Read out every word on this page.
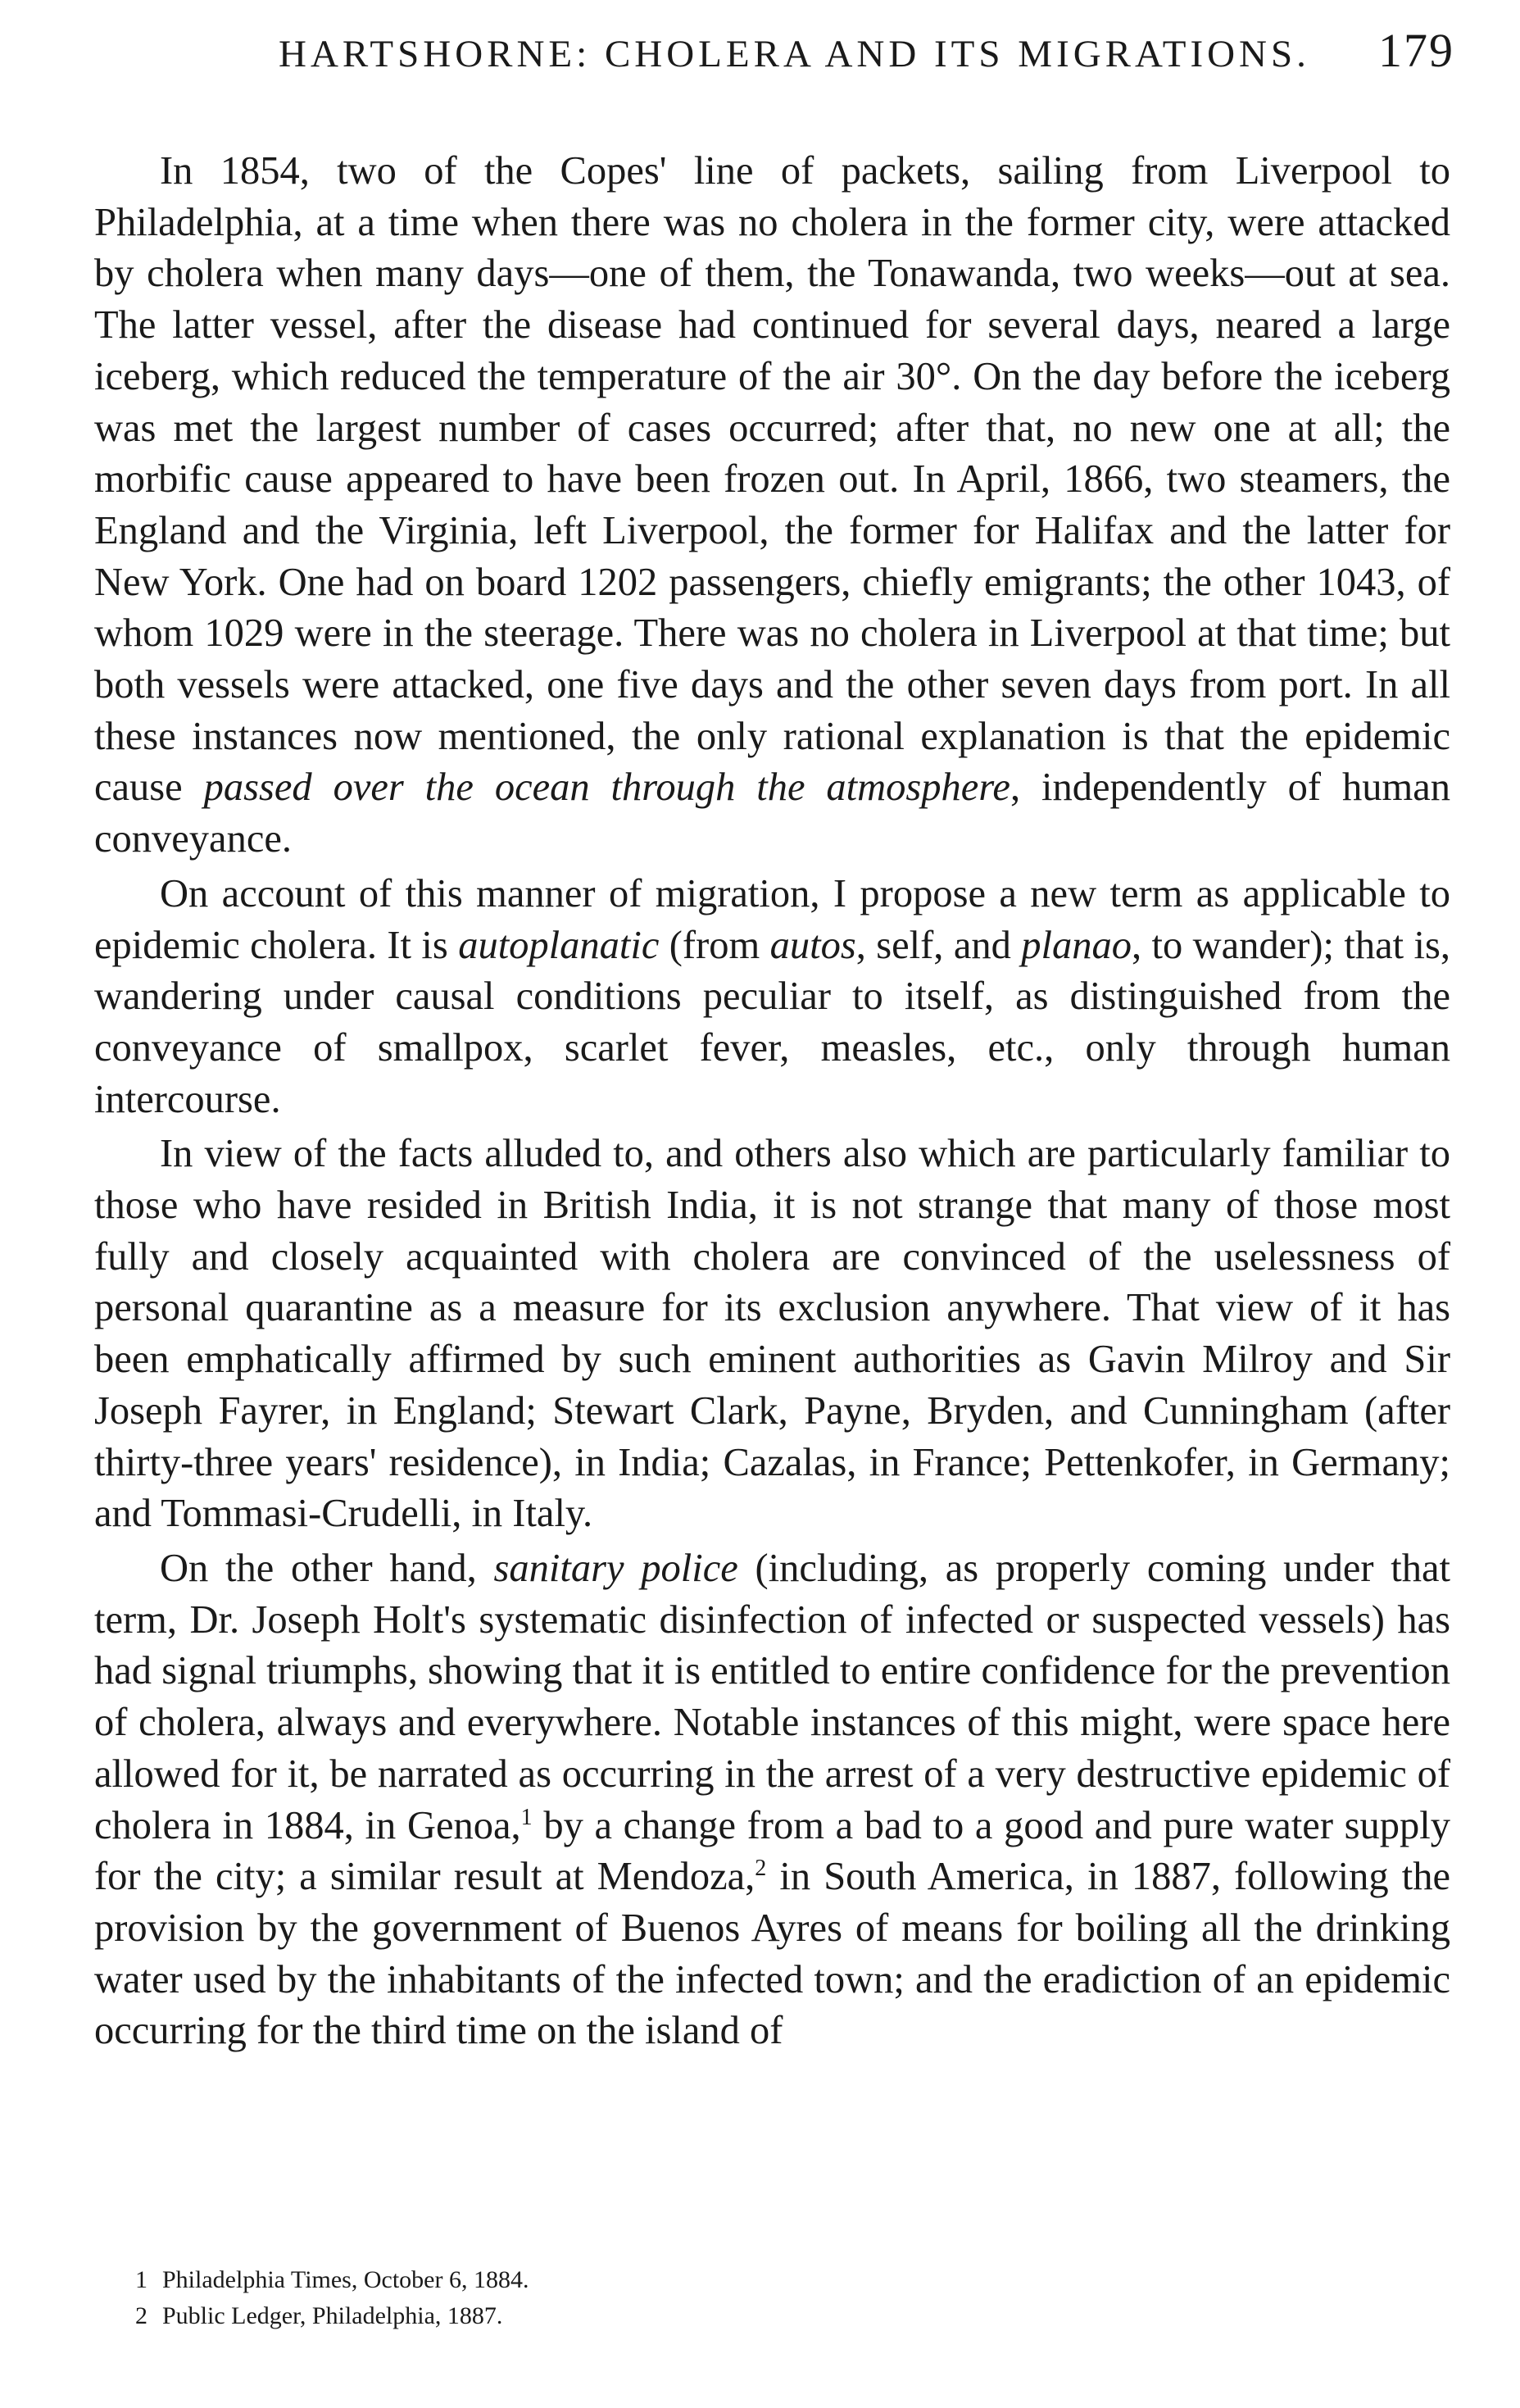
HARTSHORNE: CHOLERA AND ITS MIGRATIONS. 179

In 1854, two of the Copes' line of packets, sailing from Liverpool to Philadelphia, at a time when there was no cholera in the former city, were attacked by cholera when many days—one of them, the Tonawanda, two weeks—out at sea. The latter vessel, after the disease had continued for several days, neared a large iceberg, which reduced the temperature of the air 30°. On the day before the iceberg was met the largest number of cases occurred; after that, no new one at all; the morbific cause appeared to have been frozen out. In April, 1866, two steamers, the England and the Virginia, left Liverpool, the former for Halifax and the latter for New York. One had on board 1202 passengers, chiefly emigrants; the other 1043, of whom 1029 were in the steerage. There was no cholera in Liverpool at that time; but both vessels were attacked, one five days and the other seven days from port. In all these instances now mentioned, the only rational explanation is that the epidemic cause passed over the ocean through the atmosphere, independently of human conveyance.

On account of this manner of migration, I propose a new term as applicable to epidemic cholera. It is autoplanatic (from autos, self, and planao, to wander); that is, wandering under causal conditions peculiar to itself, as distinguished from the conveyance of smallpox, scarlet fever, measles, etc., only through human intercourse.

In view of the facts alluded to, and others also which are particularly familiar to those who have resided in British India, it is not strange that many of those most fully and closely acquainted with cholera are convinced of the uselessness of personal quarantine as a measure for its exclusion anywhere. That view of it has been emphatically affirmed by such eminent authorities as Gavin Milroy and Sir Joseph Fayrer, in England; Stewart Clark, Payne, Bryden, and Cunningham (after thirty-three years' residence), in India; Cazalas, in France; Pettenkofer, in Germany; and Tommasi-Crudelli, in Italy.

On the other hand, sanitary police (including, as properly coming under that term, Dr. Joseph Holt's systematic disinfection of infected or suspected vessels) has had signal triumphs, showing that it is entitled to entire confidence for the prevention of cholera, always and everywhere. Notable instances of this might, were space here allowed for it, be narrated as occurring in the arrest of a very destructive epidemic of cholera in 1884, in Genoa,$^1$ by a change from a bad to a good and pure water supply for the city; a similar result at Mendoza,$^2$ in South America, in 1887, following the provision by the government of Buenos Ayres of means for boiling all the drinking water used by the inhabitants of the infected town; and the eradiction of an epidemic occurring for the third time on the island of

1 Philadelphia Times, October 6, 1884.
2 Public Ledger, Philadelphia, 1887.
